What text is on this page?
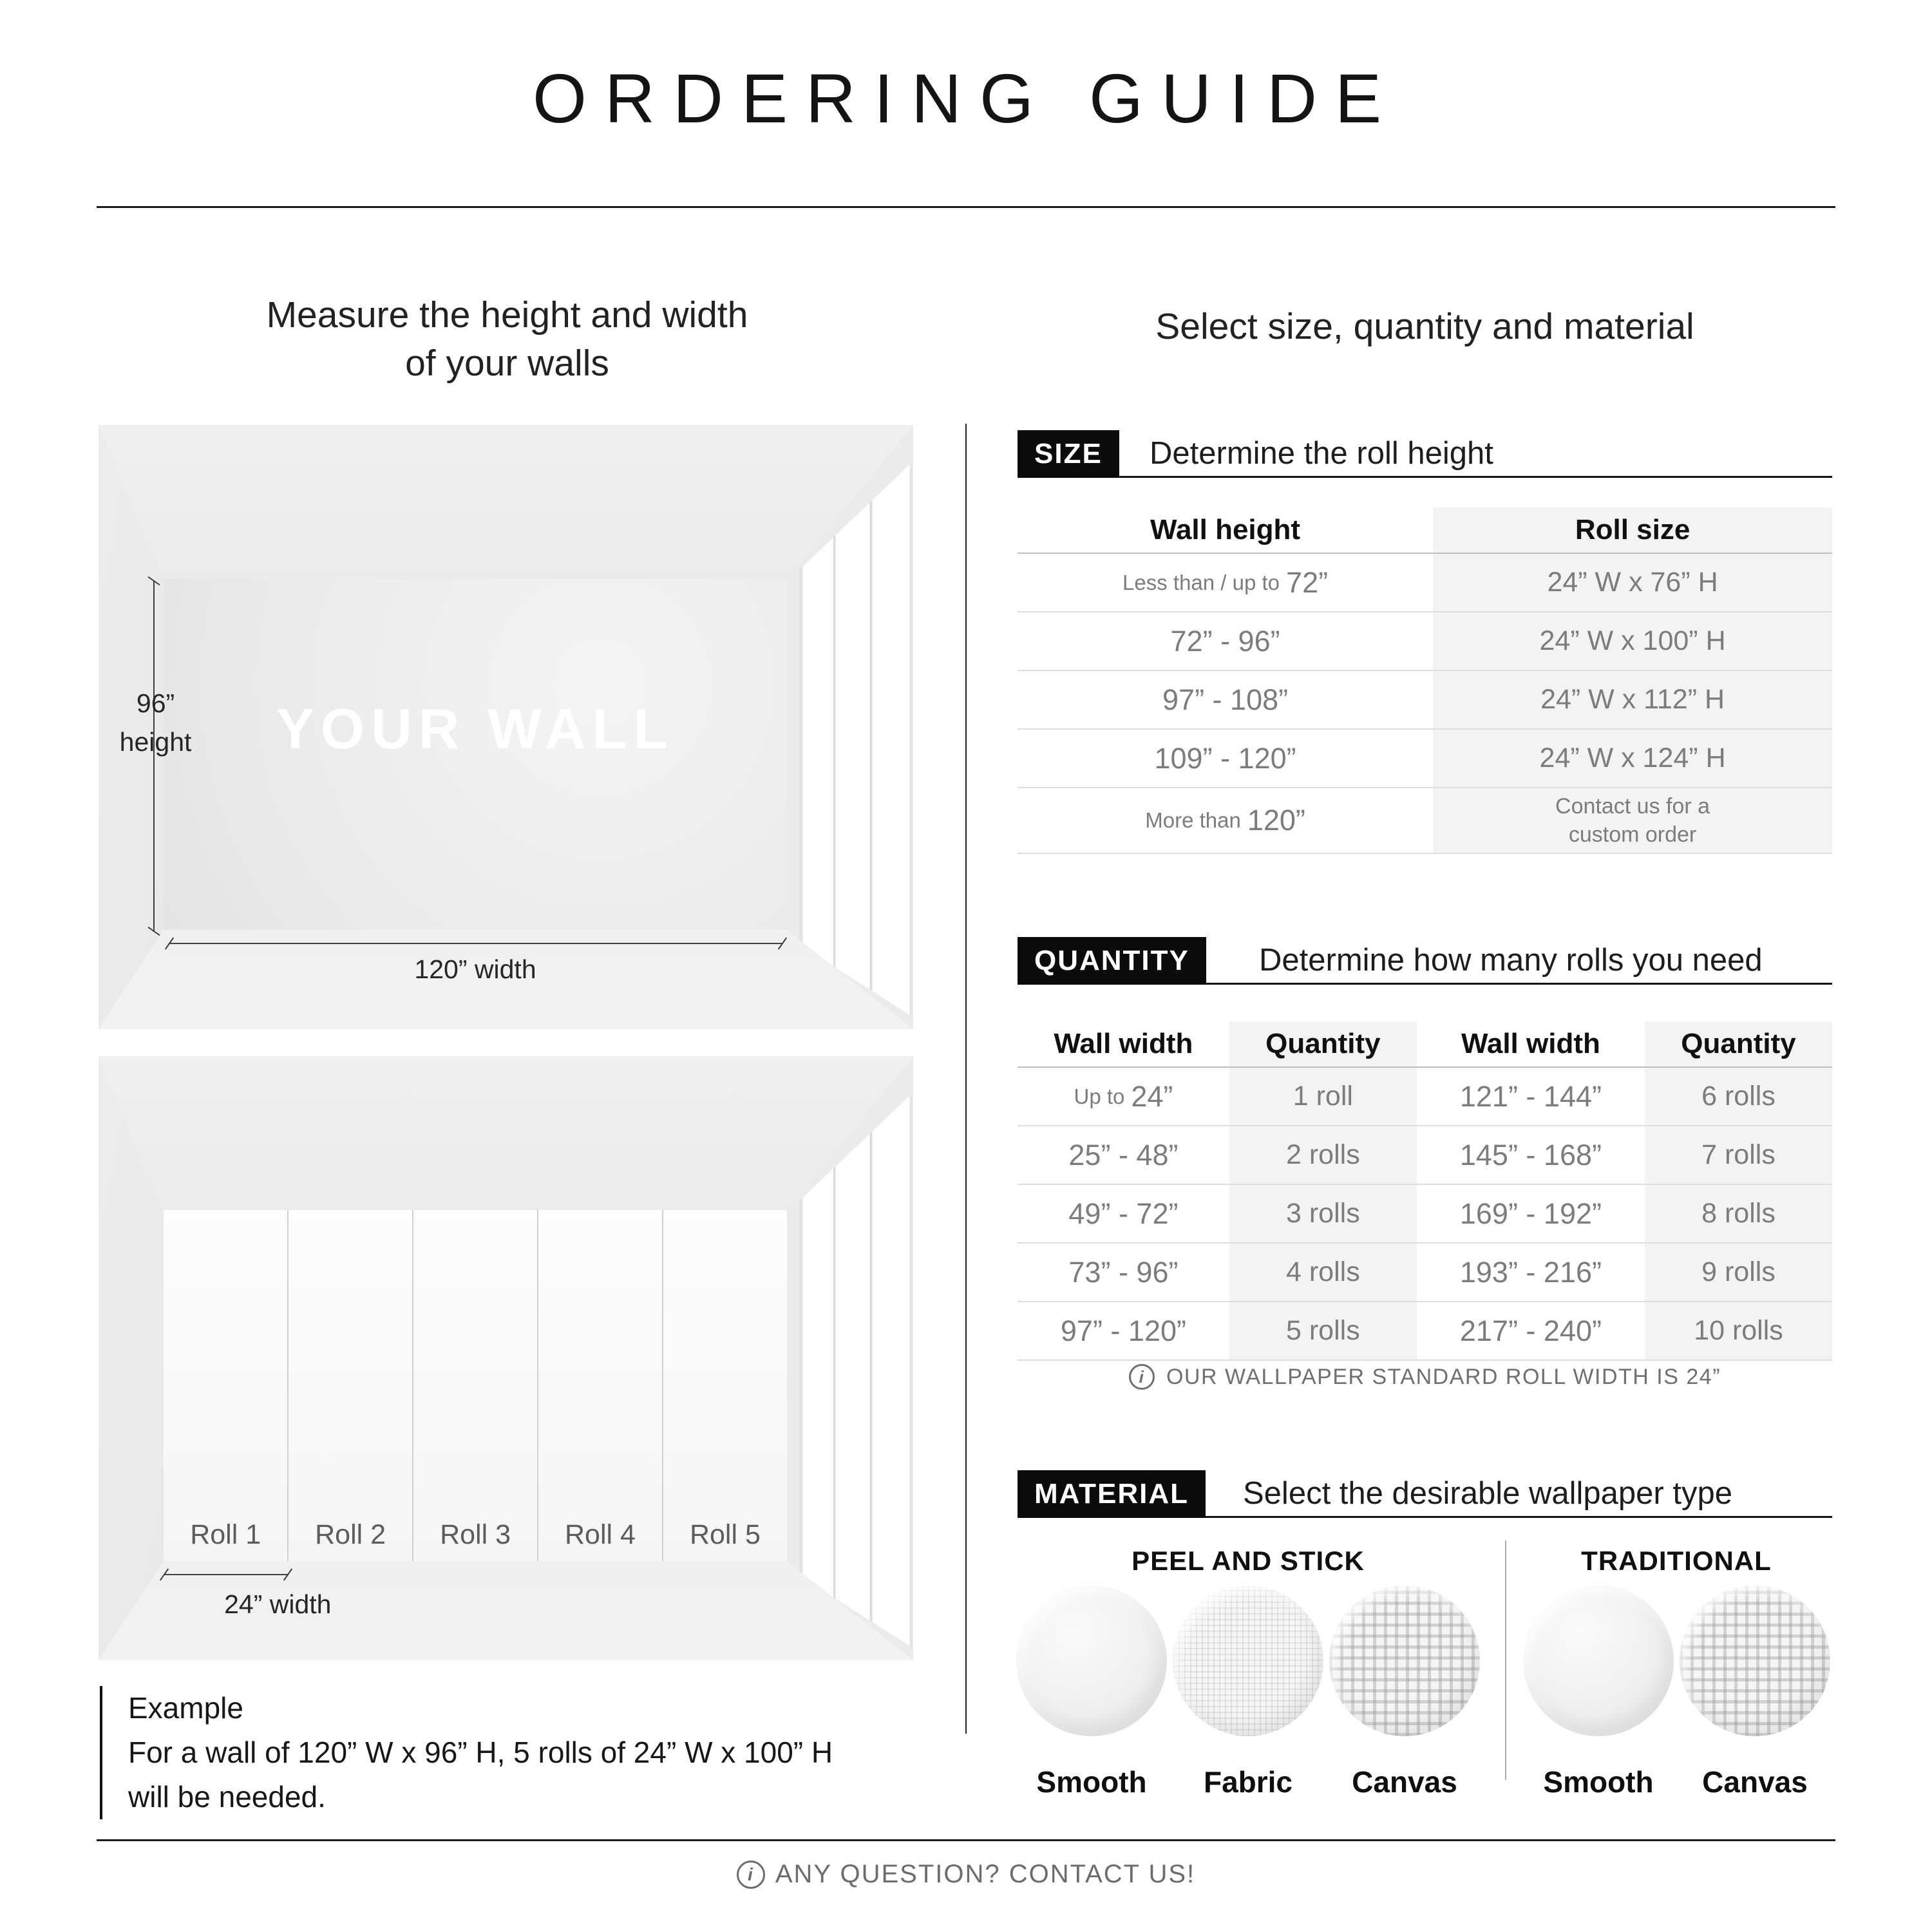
ORDERING GUIDE
Measure the height and width
of your walls
Select size, quantity and material
YOUR WALL
96”
height
120” width
Roll 1 Roll 2 Roll 3 Roll 4 Roll 5
24” width
Example
For a wall of 120” W x 96” H, 5 rolls of 24” W x 100” H
will be needed.
SIZE	Determine the roll height
Wall height	Roll size
Less than / up to 72”	24” W x 76” H
72” - 96”	24” W x 100” H
97” - 108”	24” W x 112” H
109” - 120”	24” W x 124” H
More than 120”	Contact us for a
custom order
QUANTITY	Determine how many rolls you need
Wall width	Quantity	Wall width	Quantity
Up to 24”	1 roll	121” - 144”	6 rolls
25” - 48”	2 rolls	145” - 168”	7 rolls
49” - 72”	3 rolls	169” - 192”	8 rolls
73” - 96”	4 rolls	193” - 216”	9 rolls
97” - 120”	5 rolls	217” - 240”	10 rolls
i OUR WALLPAPER STANDARD ROLL WIDTH IS 24”
MATERIAL	Select the desirable wallpaper type
PEEL AND STICK	TRADITIONAL
Smooth	Fabric	Canvas	Smooth	Canvas
i ANY QUESTION? CONTACT US!
